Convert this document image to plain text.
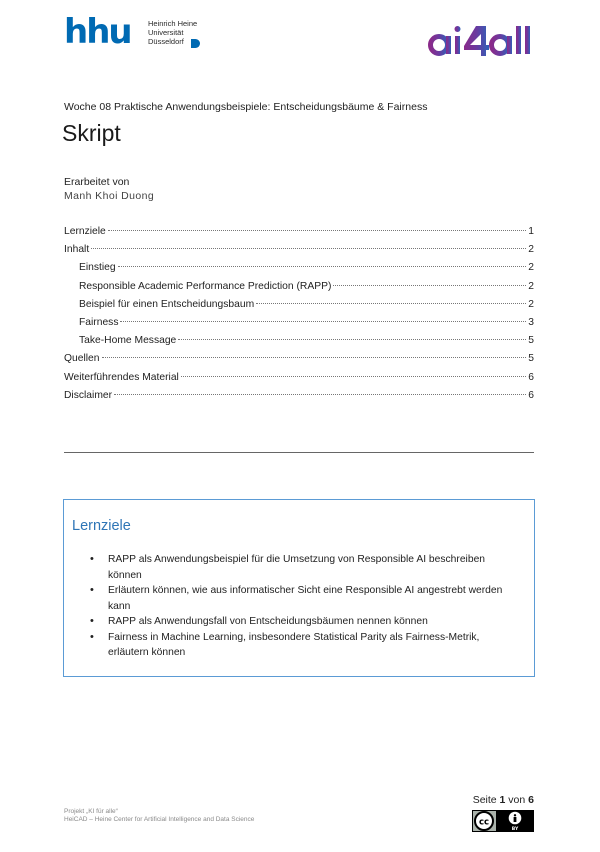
hhu Heinrich Heine
Universität
Düsseldorf
Woche 08 Praktische Anwendungsbeispiele: Entscheidungsbäume & Fairness
Skript
Erarbeitet von
Manh Khoi Duong
Lernziele	1
Inhalt	2
Einstieg	2
Responsible Academic Performance Prediction (RAPP)	2
Beispiel für einen Entscheidungsbaum	2
Fairness	3
Take-Home Message	5
Quellen	5
Weiterführendes Material	6
Disclaimer	6
Lernziele
• RAPP als Anwendungsbeispiel für die Umsetzung von Responsible AI beschreiben können
• Erläutern können, wie aus informatischer Sicht eine Responsible AI angestrebt werden kann
• RAPP als Anwendungsfall von Entscheidungsbäumen nennen können
• Fairness in Machine Learning, insbesondere Statistical Parity als Fairness-Metrik, erläutern können
Projekt „KI für alle“
HeiCAD – Heine Center for Artificial Intelligence and Data Science
Seite 1 von 6
cc
BY
